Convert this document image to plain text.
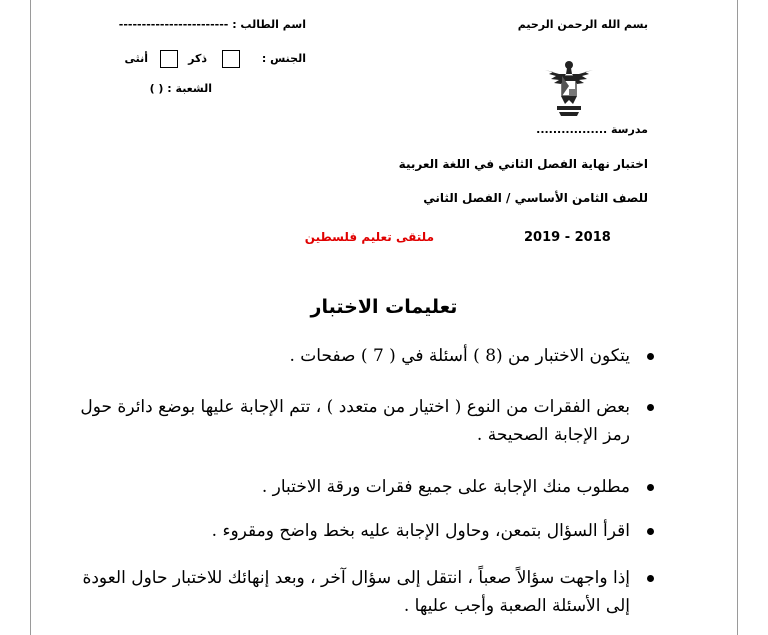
بسم الله الرحمن الرحيم
مدرسة .................
اختبار نهاية الفصل الثاني في اللغة العربية
للصف الثامن الأساسي / الفصل الثاني
2019 - 2018
ملتقى تعليم فلسطين
اسم الطالب : ------------------------
الجنس :
ذكر
أنثى
الشعبة : ( )
تعليمات الاختبار
يتكون الاختبار من (8 ) أسئلة في ( 7 ) صفحات .
بعض الفقرات من النوع ( اختيار من متعدد ) ، تتم الإجابة عليها بوضع دائرة حول رمز الإجابة الصحيحة .
مطلوب منك الإجابة على جميع فقرات ورقة الاختبار .
اقرأ السؤال بتمعن، وحاول الإجابة عليه بخط واضح ومقروء .
إذا واجهت سؤالاً صعباً ، انتقل إلى سؤال آخر ، وبعد إنهائك للاختبار حاول العودة إلى الأسئلة الصعبة وأجب عليها .
